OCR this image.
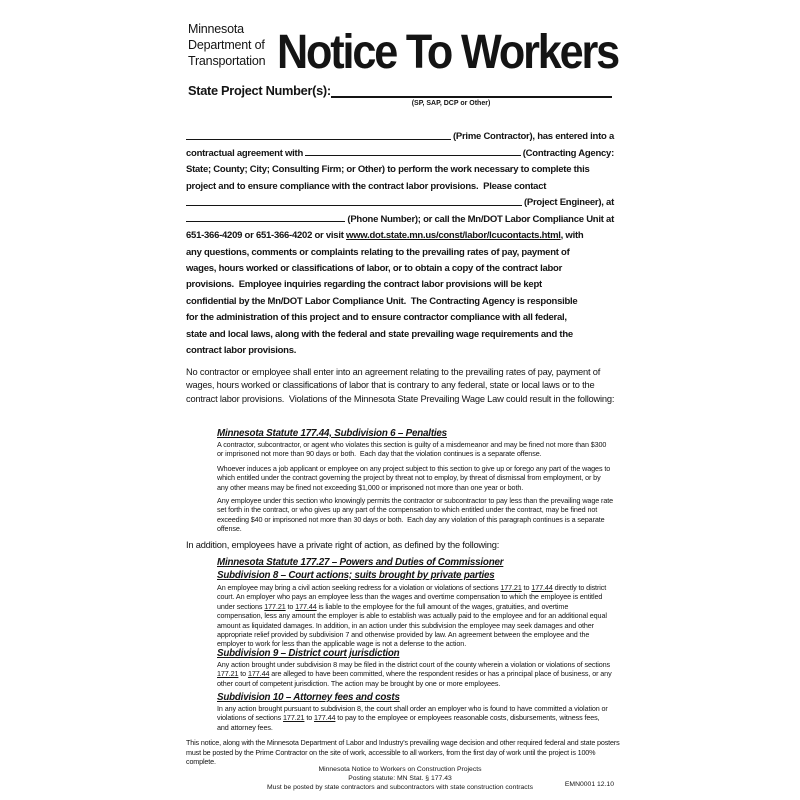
Minnesota
Department of
Transportation Notice To Workers
State Project Number(s):
(SP, SAP, DCP or Other)
(Prime Contractor), has entered into a
contractual agreement with
	(Contracting Agency:
State; County; City; Consulting Firm; or Other) to perform the work necessary to complete this
project and to ensure compliance with the contract labor provisions.  Please contact
(Project Engineer), at
(Phone Number); or call the Mn/DOT Labor Compliance Unit at
651-366-4209 or 651-366-4202 or visit www.dot.state.mn.us/const/labor/lcucontacts.html , with
any questions, comments or complaints relating to the prevailing rates of pay, payment of
wages, hours worked or classifications of labor, or to obtain a copy of the contract labor
provisions.  Employee inquiries regarding the contract labor provisions will be kept
confidential by the Mn/DOT Labor Compliance Unit.  The Contracting Agency is responsible
for the administration of this project and to ensure contractor compliance with all federal,
state and local laws, along with the federal and state prevailing wage requirements and the
contract labor provisions.
No contractor or employee shall enter into an agreement relating to the prevailing rates of pay, payment of wages, hours worked or classifications of labor that is contrary to any federal, state or local laws or to the contract labor provisions.  Violations of the Minnesota State Prevailing Wage Law could result in the following:
Minnesota Statute 177.44, Subdivision 6 – Penalties
A contractor, subcontractor, or agent who violates this section is guilty of a misdemeanor and may be fined not more than $300 or imprisoned not more than 90 days or both.  Each day that the violation continues is a separate offense.
Whoever induces a job applicant or employee on any project subject to this section to give up or forego any part of the wages to which entitled under the contract governing the project by threat not to employ, by threat of dismissal from employment, or by any other means may be fined not exceeding $1,000 or imprisoned not more than one year or both.
Any employee under this section who knowingly permits the contractor or subcontractor to pay less than the prevailing wage rate set forth in the contract, or who gives up any part of the compensation to which entitled under the contract, may be fined not exceeding $40 or imprisoned not more than 30 days or both.  Each day any violation of this paragraph continues is a separate offense.
In addition, employees have a private right of action, as defined by the following:
Minnesota Statute 177.27 – Powers and Duties of Commissioner
Subdivision 8 – Court actions; suits brought by private parties
An employee may bring a civil action seeking redress for a violation or violations of sections 177.21 to 177.44 directly to district court. An employer who pays an employee less than the wages and overtime compensation to which the employee is entitled under sections 177.21 to 177.44 is liable to the employee for the full amount of the wages, gratuities, and overtime compensation, less any amount the employer is able to establish was actually paid to the employee and for an additional equal amount as liquidated damages. In addition, in an action under this subdivision the employee may seek damages and other appropriate relief provided by subdivision 7 and otherwise provided by law. An agreement between the employee and the employer to work for less than the applicable wage is not a defense to the action.
Subdivision 9 – District court jurisdiction
Any action brought under subdivision 8 may be filed in the district court of the county wherein a violation or violations of sections 177.21 to 177.44 are alleged to have been committed, where the respondent resides or has a principal place of business, or any other court of competent jurisdiction. The action may be brought by one or more employees.
Subdivision 10 – Attorney fees and costs
In any action brought pursuant to subdivision 8, the court shall order an employer who is found to have committed a violation or violations of sections 177.21 to 177.44 to pay to the employee or employees reasonable costs, disbursements, witness fees, and attorney fees.
This notice, along with the Minnesota Department of Labor and Industry's prevailing wage decision and other required federal and state posters must be posted by the Prime Contractor on the site of work, accessible to all workers, from the first day of work until the project is 100% complete.
Minnesota Notice to Workers on Construction Projects
Posting statute: MN Stat. § 177.43
Must be posted by state contractors and subcontractors with state construction contracts	EMN0001 12.10
